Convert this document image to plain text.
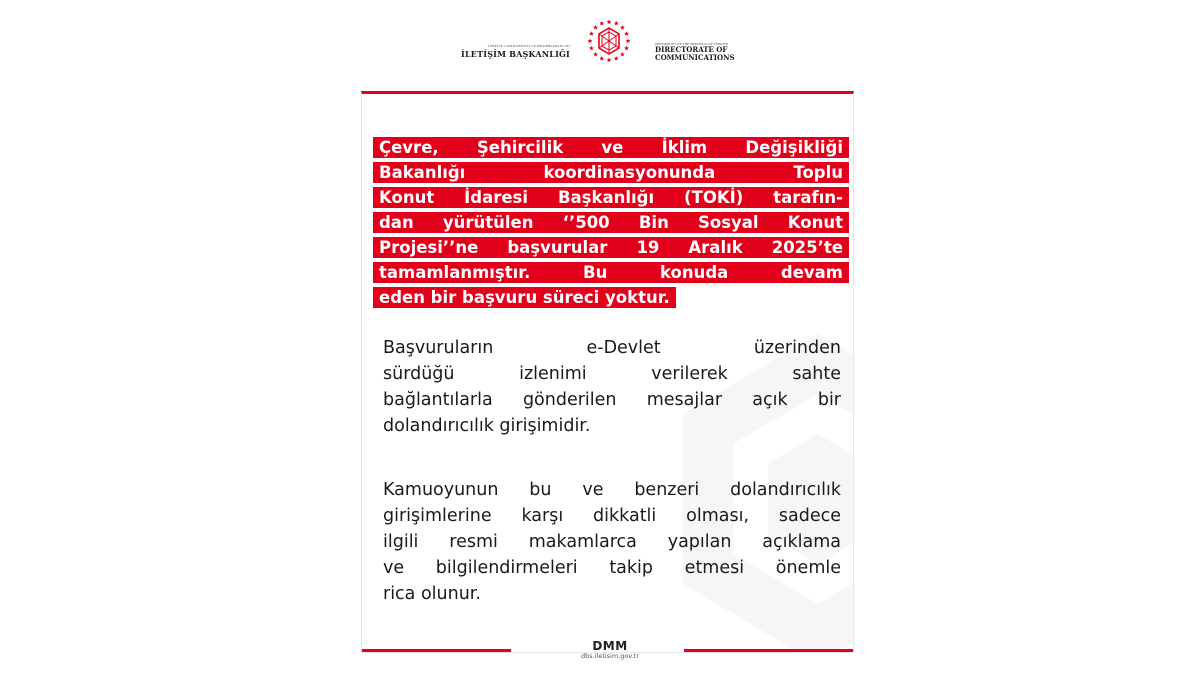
TÜRKİYE CUMHURİYETİ CUMHURBAŞKANLIĞI
İLETİŞİM BAŞKANLIĞI
PRESIDENCY OF THE REPUBLIC OF TÜRKİYE
DIRECTORATE OF
COMMUNICATIONS
Çevre, Şehircilik ve İklim Değişikliği
Bakanlığı koordinasyonunda Toplu
Konut İdaresi Başkanlığı (TOKİ) tarafın-
dan yürütülen ‘’500 Bin Sosyal Konut
Projesi’’ne başvurular 19 Aralık 2025’te
tamamlanmıştır. Bu konuda devam
eden bir başvuru süreci yoktur.
Başvuruların e-Devlet üzerinden
sürdüğü izlenimi verilerek sahte
bağlantılarla gönderilen mesajlar açık bir
dolandırıcılık girişimidir.
Kamuoyunun bu ve benzeri dolandırıcılık
girişimlerine karşı dikkatli olması, sadece
ilgili resmi makamlarca yapılan açıklama
ve bilgilendirmeleri takip etmesi önemle
rica olunur.
DMM
dbs.iletisim.gov.tr
